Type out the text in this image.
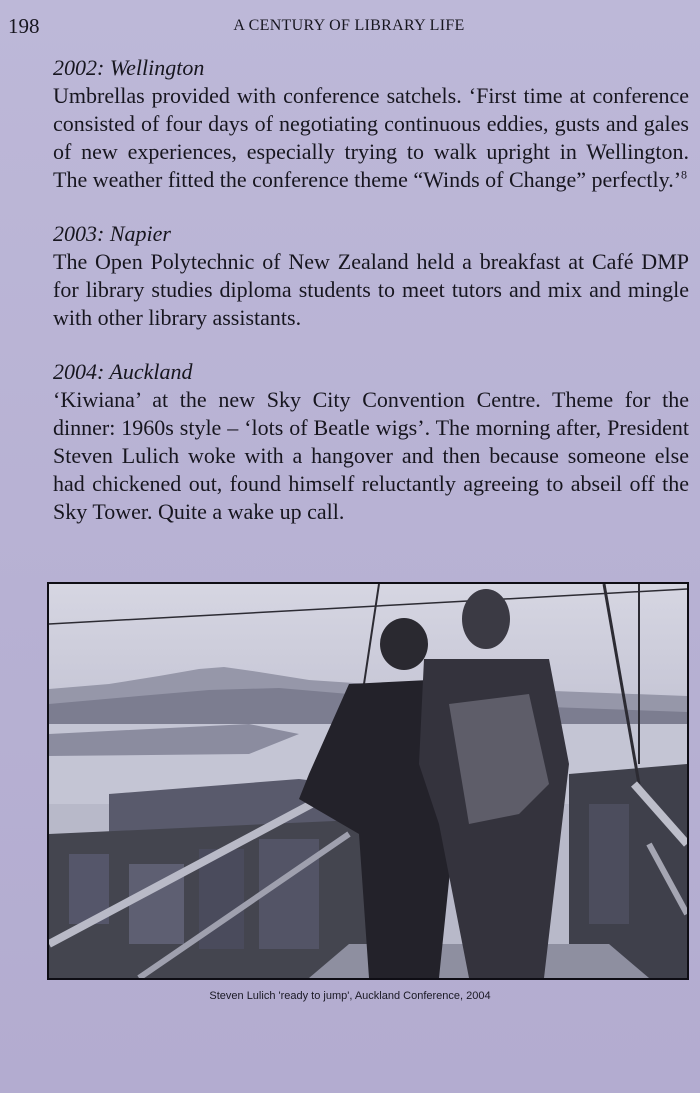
198	A CENTURY OF LIBRARY LIFE

2002: Wellington

Umbrellas provided with conference satchels. ‘First time at conference consisted of four days of negotiating continuous eddies, gusts and gales of new experiences, especially trying to walk upright in Wellington. The weather fitted the conference theme “Winds of Change” perfectly.’$^8$

2003: Napier

The Open Polytechnic of New Zealand held a breakfast at Café DMP for library studies diploma students to meet tutors and mix and mingle with other library assistants.

2004: Auckland

‘Kiwiana’ at the new Sky City Convention Centre. Theme for the dinner: 1960s style – ‘lots of Beatle wigs’. The morning after, President Steven Lulich woke with a hangover and then because someone else had chickened out, found himself reluctantly agreeing to abseil off the Sky Tower. Quite a wake up call.

Steven Lulich 'ready to jump', Auckland Conference, 2004
